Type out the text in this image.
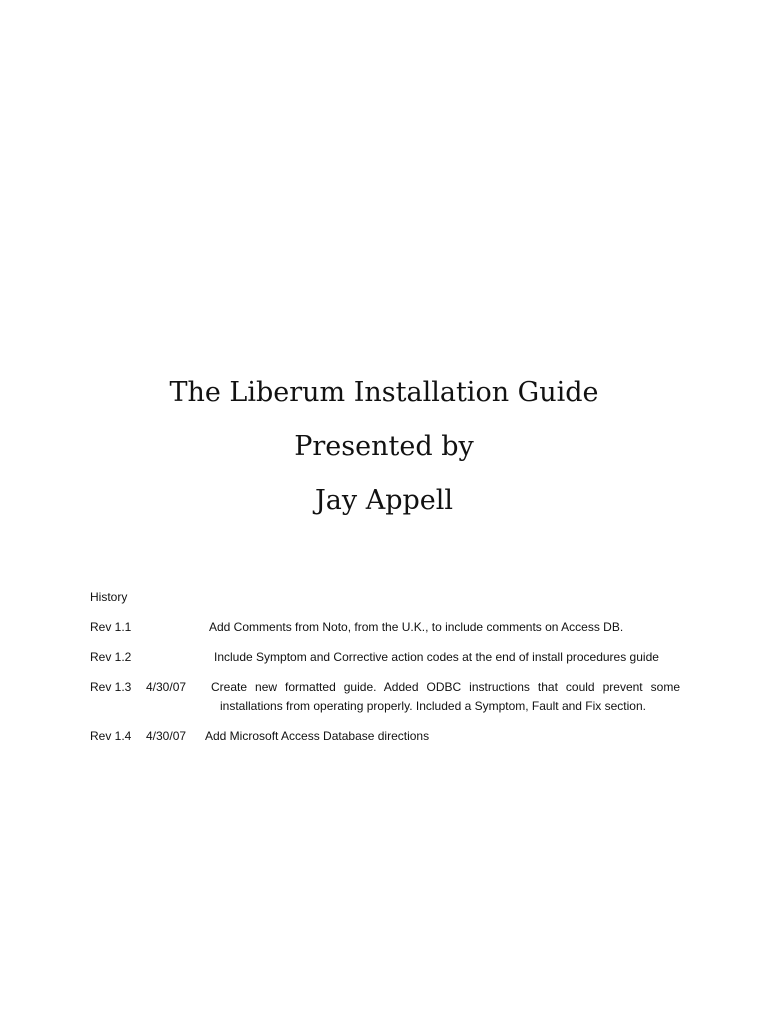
The Liberum Installation Guide

Presented by

Jay Appell

History

Rev 1.1	Add Comments from Noto, from the U.K., to include comments on Access DB.
Rev 1.2	Include Symptom and Corrective action codes at the end of install procedures guide
Rev 1.3 4/30/07 Create new formatted guide. Added ODBC instructions that could prevent some installations from operating properly. Included a Symptom, Fault and Fix section.
Rev 1.4 4/30/07 Add Microsoft Access Database directions
